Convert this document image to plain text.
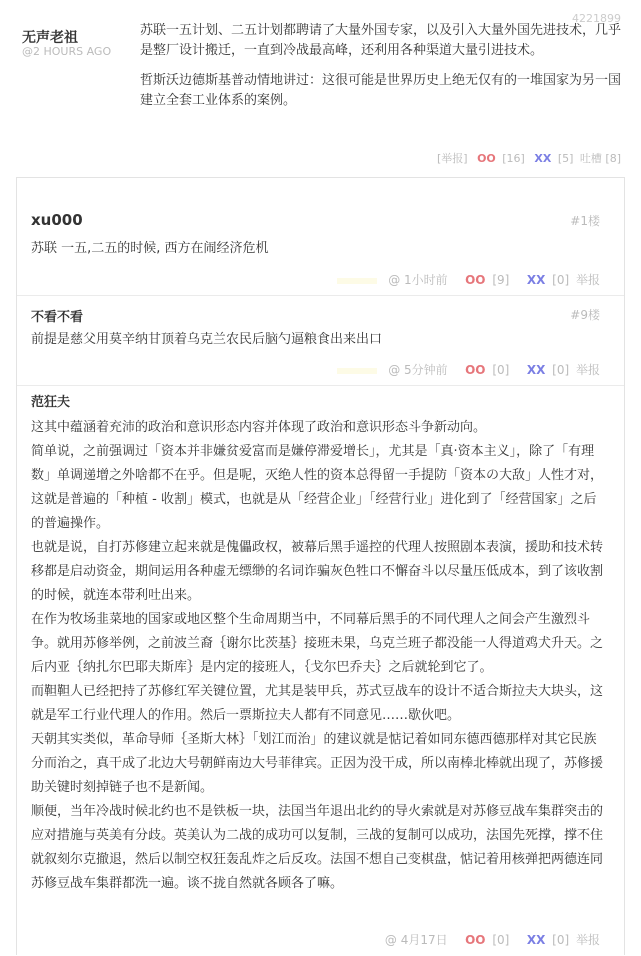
4221899
无声老祖
@2 HOURS AGO

苏联一五计划、二五计划都聘请了大量外国专家，以及引入大量外国先进技术，几乎是整厂设计搬迁，一直到冷战最高峰，还利用各种渠道大量引进技术。

哲斯沃边德斯基普动情地讲过：这很可能是世界历史上绝无仅有的一堆国家为另一国建立全套工业体系的案例。

[举报] OO [16] XX [5] 吐槽 [8]
xu000	#1楼
苏联 一五,二五的时候, 西方在闹经济危机
@ 1小时前 OO [9] XX [0] 举报
不看不看	#9楼
前提是慈父用莫辛纳甘顶着乌克兰农民后脑勺逼粮食出来出口
@ 5分钟前 OO [0] XX [0] 举报
范狂夫
这其中蕴涵着充沛的政治和意识形态内容并体现了政治和意识形态斗争新动向。
简单说，之前强调过「资本并非嫌贫爱富而是嫌停滞爱增长」，尤其是「真·资本主义」，除了「有理数」单调递增之外啥都不在乎。但是呢，灭绝人性的资本总得留一手提防「资本の大敌」人性才对，这就是普遍的「种植 - 收割」模式，也就是从「经营企业」「经营行业」进化到了「经营国家」之后的普遍操作。
也就是说，自打苏修建立起来就是傀儡政权，被幕后黑手遥控的代理人按照剧本表演，援助和技术转移都是启动资金，期间运用各种虚无缥缈的名词诈骗灰色牲口不懈奋斗以尽量压低成本，到了该收割的时候，就连本带利吐出来。
在作为牧场韭菜地的国家或地区整个生命周期当中，不同幕后黑手的不同代理人之间会产生激烈斗争。就用苏修举例，之前波兰裔｛谢尔比茨基｝接班未果，乌克兰班子都没能一人得道鸡犬升天。之后内亚｛纳扎尔巴耶夫斯库｝是内定的接班人，｛戈尔巴乔夫｝之后就轮到它了。
而靼靼人已经把持了苏修红军关键位置，尤其是装甲兵，苏式豆战车的设计不适合斯拉夫大块头，这就是军工行业代理人的作用。然后一票斯拉夫人都有不同意见……歇伙吧。
天朝其实类似，革命导师｛圣斯大林｝「划江而治」的建议就是惦记着如同东德西德那样对其它民族分而治之，真干成了北边大号朝鲜南边大号菲律宾。正因为没干成，所以南棒北棒就出现了，苏修援助关键时刻掉链子也不是新闻。
顺便，当年冷战时候北约也不是铁板一块，法国当年退出北约的导火索就是对苏修豆战车集群突击的应对措施与英美有分歧。英美认为二战的成功可以复制，三战的复制可以成功，法国先死撑，撑不住就叙刻尔克撤退，然后以制空权狂轰乱炸之后反攻。法国不想自己变棋盘，惦记着用核弹把两德连同苏修豆战车集群都洗一遍。谈不拢自然就各顾各了嘛。
@ 4月17日 OO [0] XX [0] 举报
